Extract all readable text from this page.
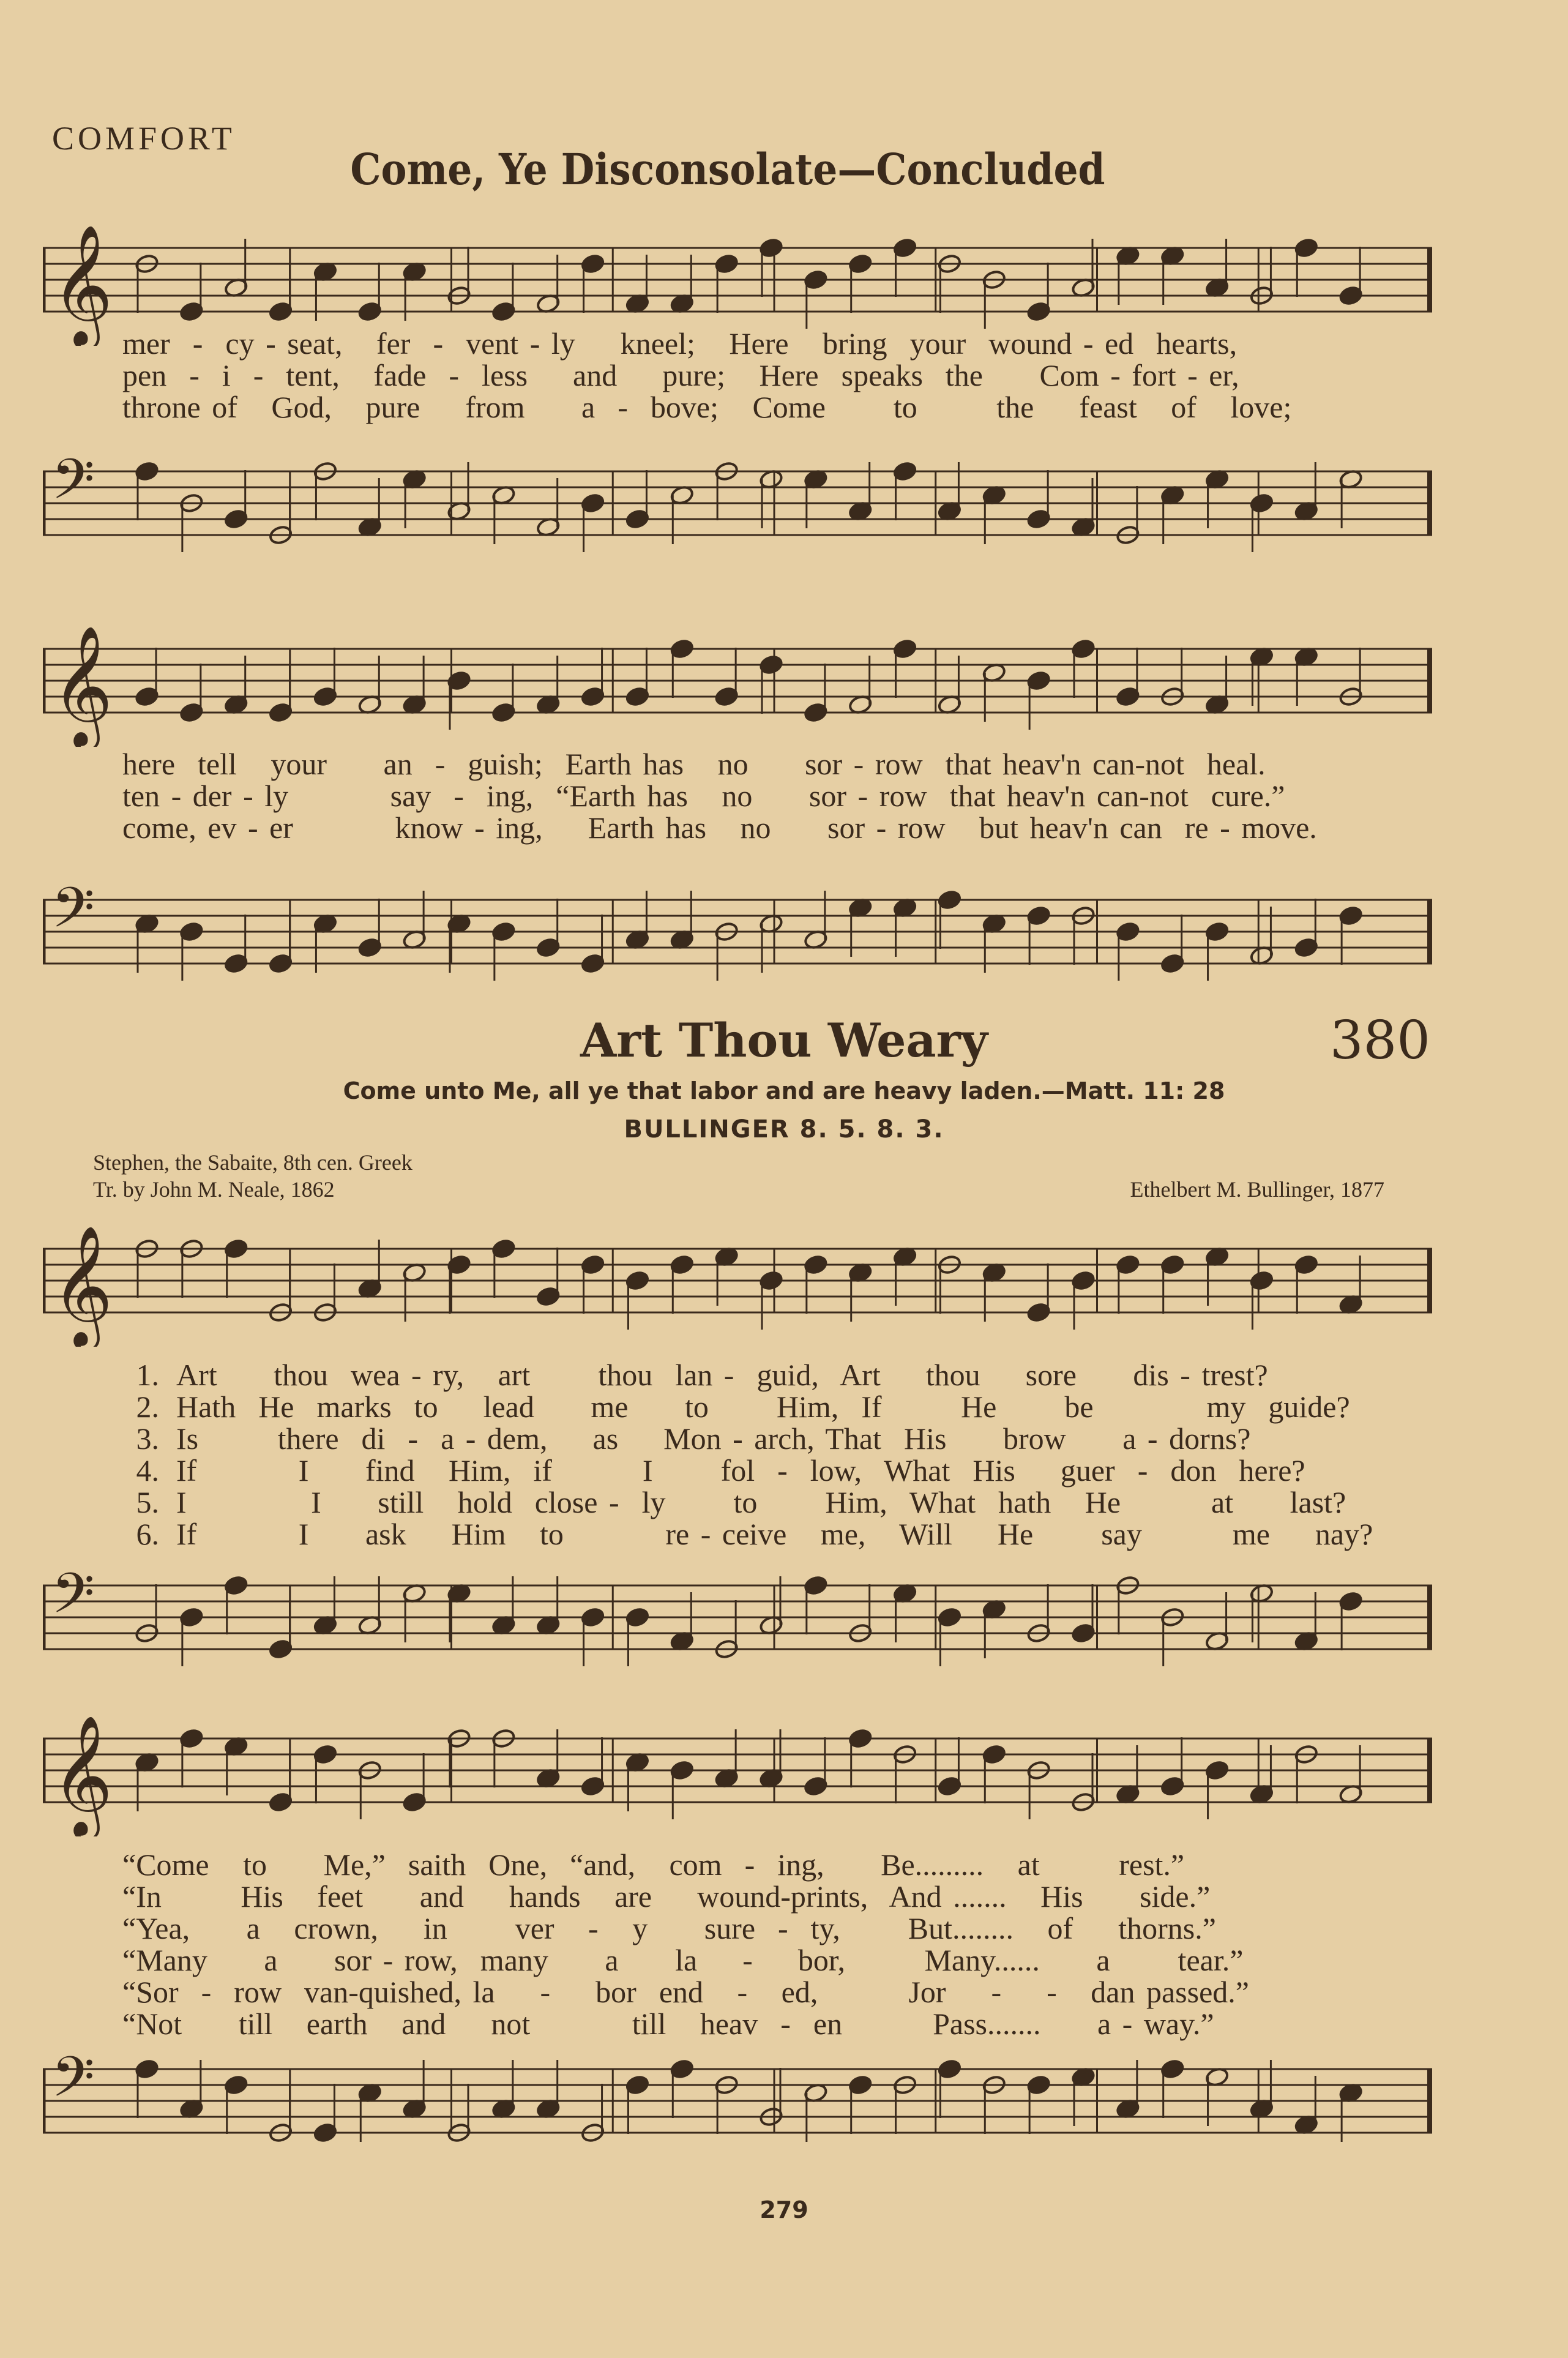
COMFORT
Come, Ye Disconsolate—Concluded
𝄞 mer  -  cy - seat,   fer  -  vent - ly    kneel;   Here   bring  your  wound - ed  hearts,
pen  -  i  -  tent,   fade  -  less    and    pure;   Here  speaks  the     Com - fort - er,
throne of   God,   pure    from     a  -  bove;   Come      to       the    feast   of   love;
𝄢
𝄞
here  tell   your     an  -  guish;  Earth has   no     sor - row  that heav'n can-not  heal.
ten - der - ly         say  -  ing,  “Earth has   no     sor - row  that heav'n can-not  cure.”
come, ev - er         know - ing,    Earth has   no     sor - row   but heav'n can  re - move.
𝄢
Art Thou Weary	380
Come unto Me, all ye that labor and are heavy laden.—Matt. 11: 28
BULLINGER 8. 5. 8. 3.
Stephen, the Sabaite, 8th cen. Greek
Tr. by John M. Neale, 1862	Ethelbert M. Bullinger, 1877
𝄞
1. Art     thou  wea - ry,   art      thou  lan -  guid,  Art    thou    sore     dis - trest?
2. Hath  He  marks  to    lead     me     to      Him,  If       He      be          my  guide?
3. Is       there  di  -  a - dem,    as    Mon - arch, That  His     brow     a - dorns?
4. If         I     find   Him,  if        I      fol  -  low,  What  His    guer  -  don  here?
5. I           I     still   hold  close -  ly      to      Him,  What  hath   He        at     last?
6. If         I     ask    Him   to         re - ceive   me,   Will    He      say        me    nay?
𝄢
𝄞
“Come   to     Me,”  saith  One,  “and,   com  -  ing,     Be.........   at       rest.”
“In       His   feet     and    hands   are    wound-prints,  And .......   His     side.”
“Yea,     a   crown,    in      ver   -   y     sure  -  ty,      But........   of    thorns.”
“Many     a     sor - row,  many     a     la    -    bor,       Many......     a      tear.”
“Sor  -  row  van-quished, la    -    bor  end   -   ed,        Jor    -    -   dan passed.”
“Not     till   earth   and    not         till   heav  -  en        Pass.......     a - way.”
𝄢
279
